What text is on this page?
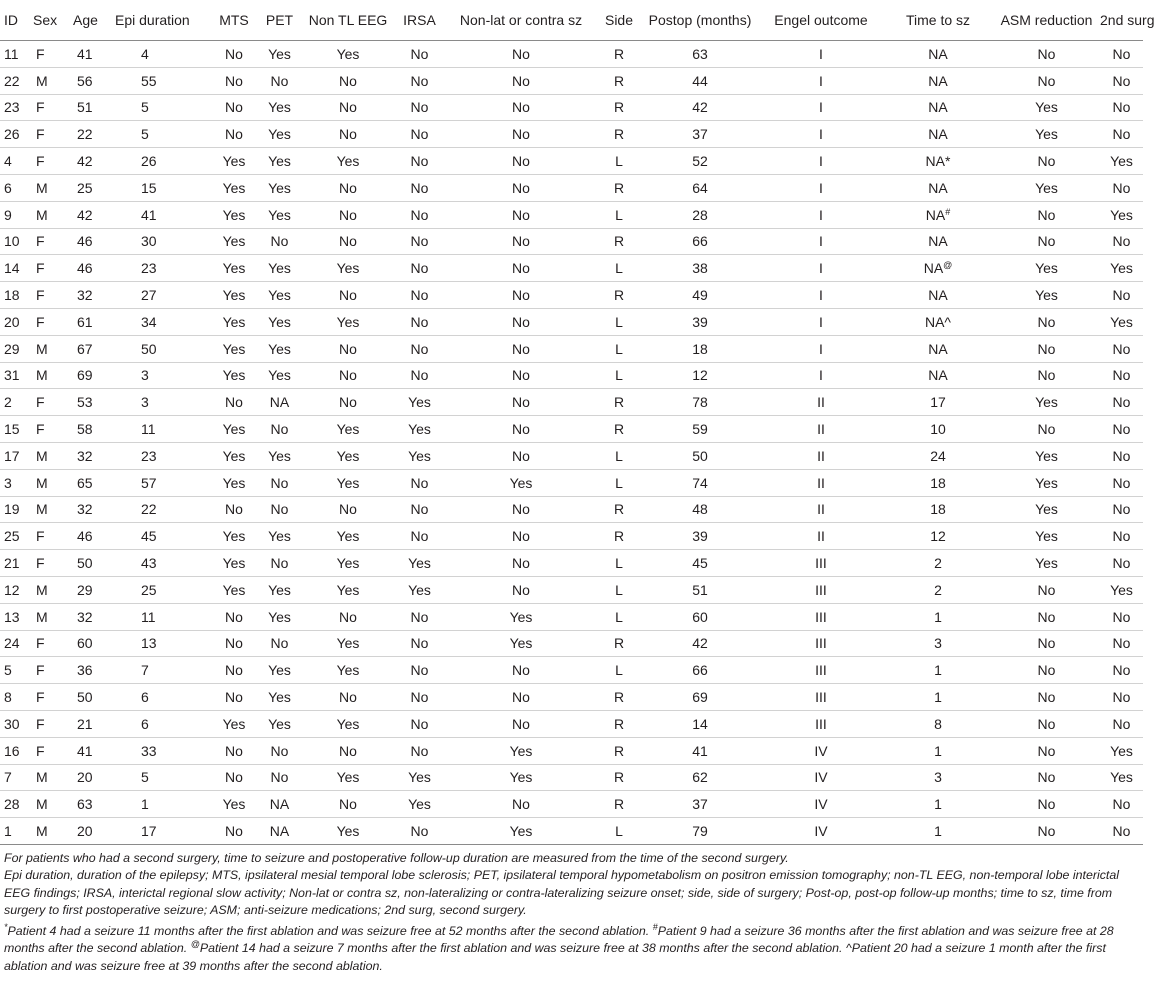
ID	Sex	Age	Epi duration	MTS	PET	Non TL EEG	IRSA	Non-lat or contra sz	Side	Postop (months)	Engel outcome	Time to sz	ASM reduction	2nd surg
11	F	41	4	No	Yes	Yes	No	No	R	63	I	NA	No	No
22	M	56	55	No	No	No	No	No	R	44	I	NA	No	No
23	F	51	5	No	Yes	No	No	No	R	42	I	NA	Yes	No
26	F	22	5	No	Yes	No	No	No	R	37	I	NA	Yes	No
4	F	42	26	Yes	Yes	Yes	No	No	L	52	I	NA*	No	Yes
6	M	25	15	Yes	Yes	No	No	No	R	64	I	NA	Yes	No
9	M	42	41	Yes	Yes	No	No	No	L	28	I	NA#	No	Yes
10	F	46	30	Yes	No	No	No	No	R	66	I	NA	No	No
14	F	46	23	Yes	Yes	Yes	No	No	L	38	I	NA@	Yes	Yes
18	F	32	27	Yes	Yes	No	No	No	R	49	I	NA	Yes	No
20	F	61	34	Yes	Yes	Yes	No	No	L	39	I	NA^	No	Yes
29	M	67	50	Yes	Yes	No	No	No	L	18	I	NA	No	No
31	M	69	3	Yes	Yes	No	No	No	L	12	I	NA	No	No
2	F	53	3	No	NA	No	Yes	No	R	78	II	17	Yes	No
15	F	58	11	Yes	No	Yes	Yes	No	R	59	II	10	No	No
17	M	32	23	Yes	Yes	Yes	Yes	No	L	50	II	24	Yes	No
3	M	65	57	Yes	No	Yes	No	Yes	L	74	II	18	Yes	No
19	M	32	22	No	No	No	No	No	R	48	II	18	Yes	No
25	F	46	45	Yes	Yes	Yes	No	No	R	39	II	12	Yes	No
21	F	50	43	Yes	No	Yes	Yes	No	L	45	III	2	Yes	No
12	M	29	25	Yes	Yes	Yes	Yes	No	L	51	III	2	No	Yes
13	M	32	11	No	Yes	No	No	Yes	L	60	III	1	No	No
24	F	60	13	No	No	Yes	No	Yes	R	42	III	3	No	No
5	F	36	7	No	Yes	Yes	No	No	L	66	III	1	No	No
8	F	50	6	No	Yes	No	No	No	R	69	III	1	No	No
30	F	21	6	Yes	Yes	Yes	No	No	R	14	III	8	No	No
16	F	41	33	No	No	No	No	Yes	R	41	IV	1	No	Yes
7	M	20	5	No	No	Yes	Yes	Yes	R	62	IV	3	No	Yes
28	M	63	1	Yes	NA	No	Yes	No	R	37	IV	1	No	No
1	M	20	17	No	NA	Yes	No	Yes	L	79	IV	1	No	No

For patients who had a second surgery, time to seizure and postoperative follow-up duration are measured from the time of the second surgery.

Epi duration, duration of the epilepsy; MTS, ipsilateral mesial temporal lobe sclerosis; PET, ipsilateral temporal hypometabolism on positron emission tomography; non-TL EEG, non-temporal lobe interictal EEG findings; IRSA, interictal regional slow activity; Non-lat or contra sz, non-lateralizing or contra-lateralizing seizure onset; side, side of surgery; Post-op, post-op follow-up months; time to sz, time from surgery to first postoperative seizure; ASM; anti-seizure medications; 2nd surg, second surgery.

*Patient 4 had a seizure 11 months after the first ablation and was seizure free at 52 months after the second ablation. #Patient 9 had a seizure 36 months after the first ablation and was seizure free at 28 months after the second ablation. @Patient 14 had a seizure 7 months after the first ablation and was seizure free at 38 months after the second ablation. ^Patient 20 had a seizure 1 month after the first ablation and was seizure free at 39 months after the second ablation.
